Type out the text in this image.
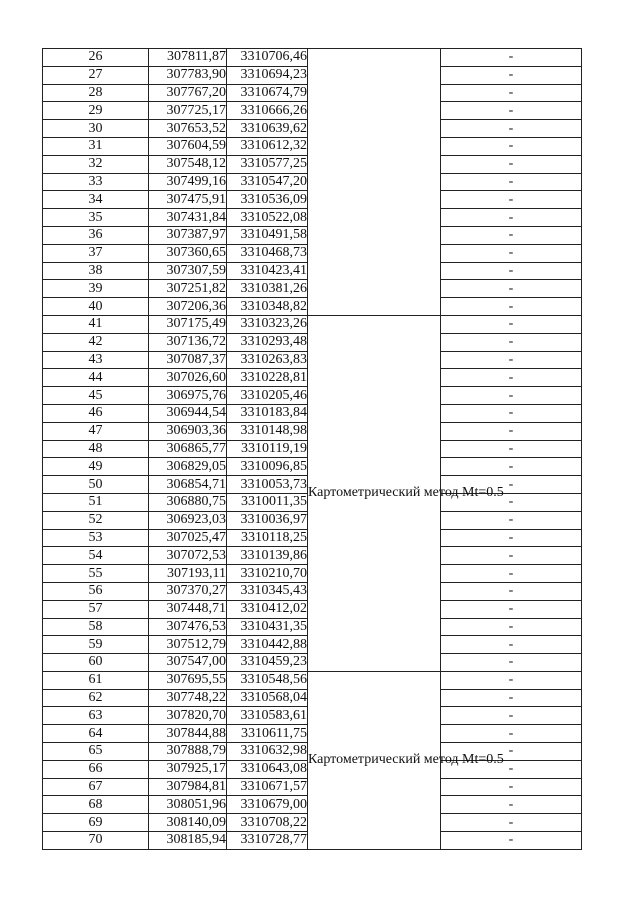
26	307811,87	3310706,46		-
27	307783,90	3310694,23		-
28	307767,20	3310674,79		-
29	307725,17	3310666,26		-
30	307653,52	3310639,62		-
31	307604,59	3310612,32		-
32	307548,12	3310577,25		-
33	307499,16	3310547,20		-
34	307475,91	3310536,09		-
35	307431,84	3310522,08		-
36	307387,97	3310491,58		-
37	307360,65	3310468,73		-
38	307307,59	3310423,41		-
39	307251,82	3310381,26		-
40	307206,36	3310348,82		-
41	307175,49	3310323,26	Картометрический метод Mt=0.5	-
42	307136,72	3310293,48		-
43	307087,37	3310263,83		-
44	307026,60	3310228,81		-
45	306975,76	3310205,46		-
46	306944,54	3310183,84		-
47	306903,36	3310148,98		-
48	306865,77	3310119,19		-
49	306829,05	3310096,85		-
50	306854,71	3310053,73		-
51	306880,75	3310011,35		-
52	306923,03	3310036,97		-
53	307025,47	3310118,25		-
54	307072,53	3310139,86		-
55	307193,11	3310210,70		-
56	307370,27	3310345,43		-
57	307448,71	3310412,02		-
58	307476,53	3310431,35		-
59	307512,79	3310442,88		-
60	307547,00	3310459,23		-
61	307695,55	3310548,56	Картометрический метод Mt=0.5	-
62	307748,22	3310568,04		-
63	307820,70	3310583,61		-
64	307844,88	3310611,75		-
65	307888,79	3310632,98		-
66	307925,17	3310643,08		-
67	307984,81	3310671,57		-
68	308051,96	3310679,00		-
69	308140,09	3310708,22		-
70	308185,94	3310728,77		-
